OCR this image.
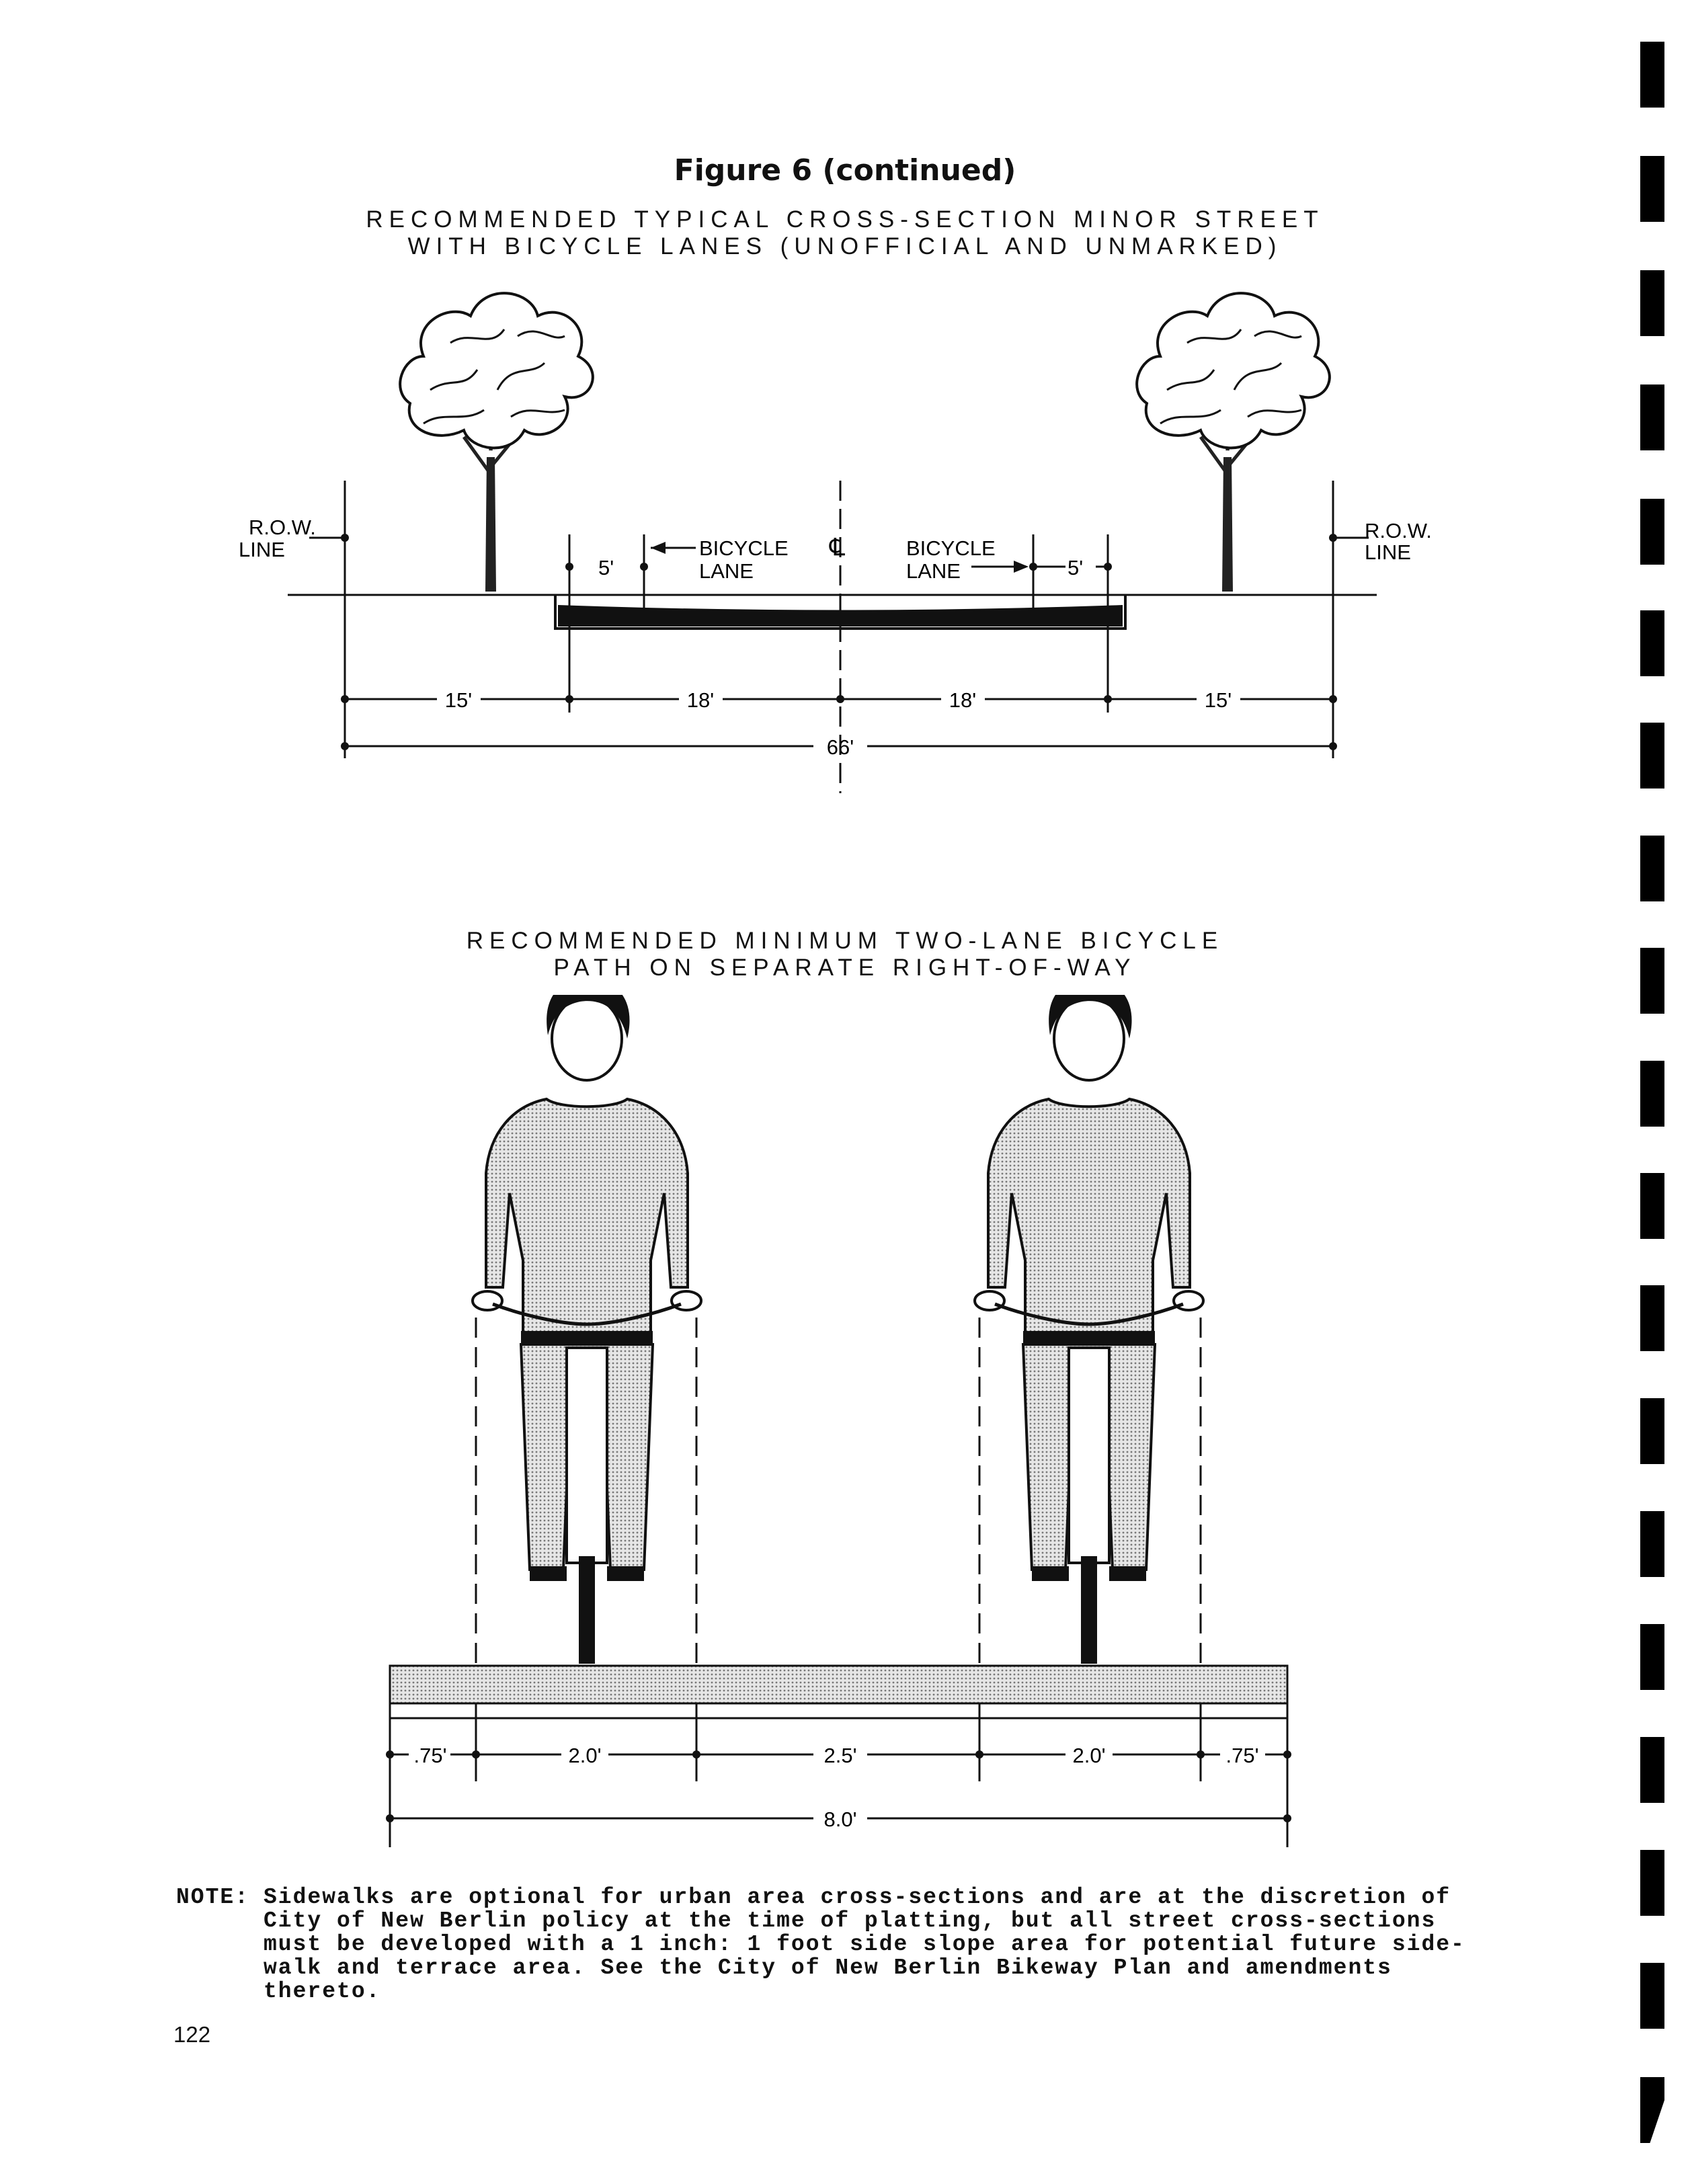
Figure 6 (continued)
RECOMMENDED TYPICAL CROSS-SECTION MINOR STREET
WITH BICYCLE LANES (UNOFFICIAL AND UNMARKED)
RECOMMENDED MINIMUM TWO-LANE BICYCLE
PATH ON SEPARATE RIGHT-OF-WAY
R.O.W.
LINE
R.O.W.
LINE
5'
BICYCLE
LANE
℄	BICYCLE
LANE	5'
15'	18'	18'	15'
66'
.75'	2.0'	2.5'	2.0'	.75'
8.0'
NOTE: Sidewalks are optional for urban area cross-sections and are at the discretion of
City of New Berlin policy at the time of platting, but all street cross-sections
must be developed with a 1 inch: 1 foot side slope area for potential future side-
walk and terrace area. See the City of New Berlin Bikeway Plan and amendments
thereto.
122
